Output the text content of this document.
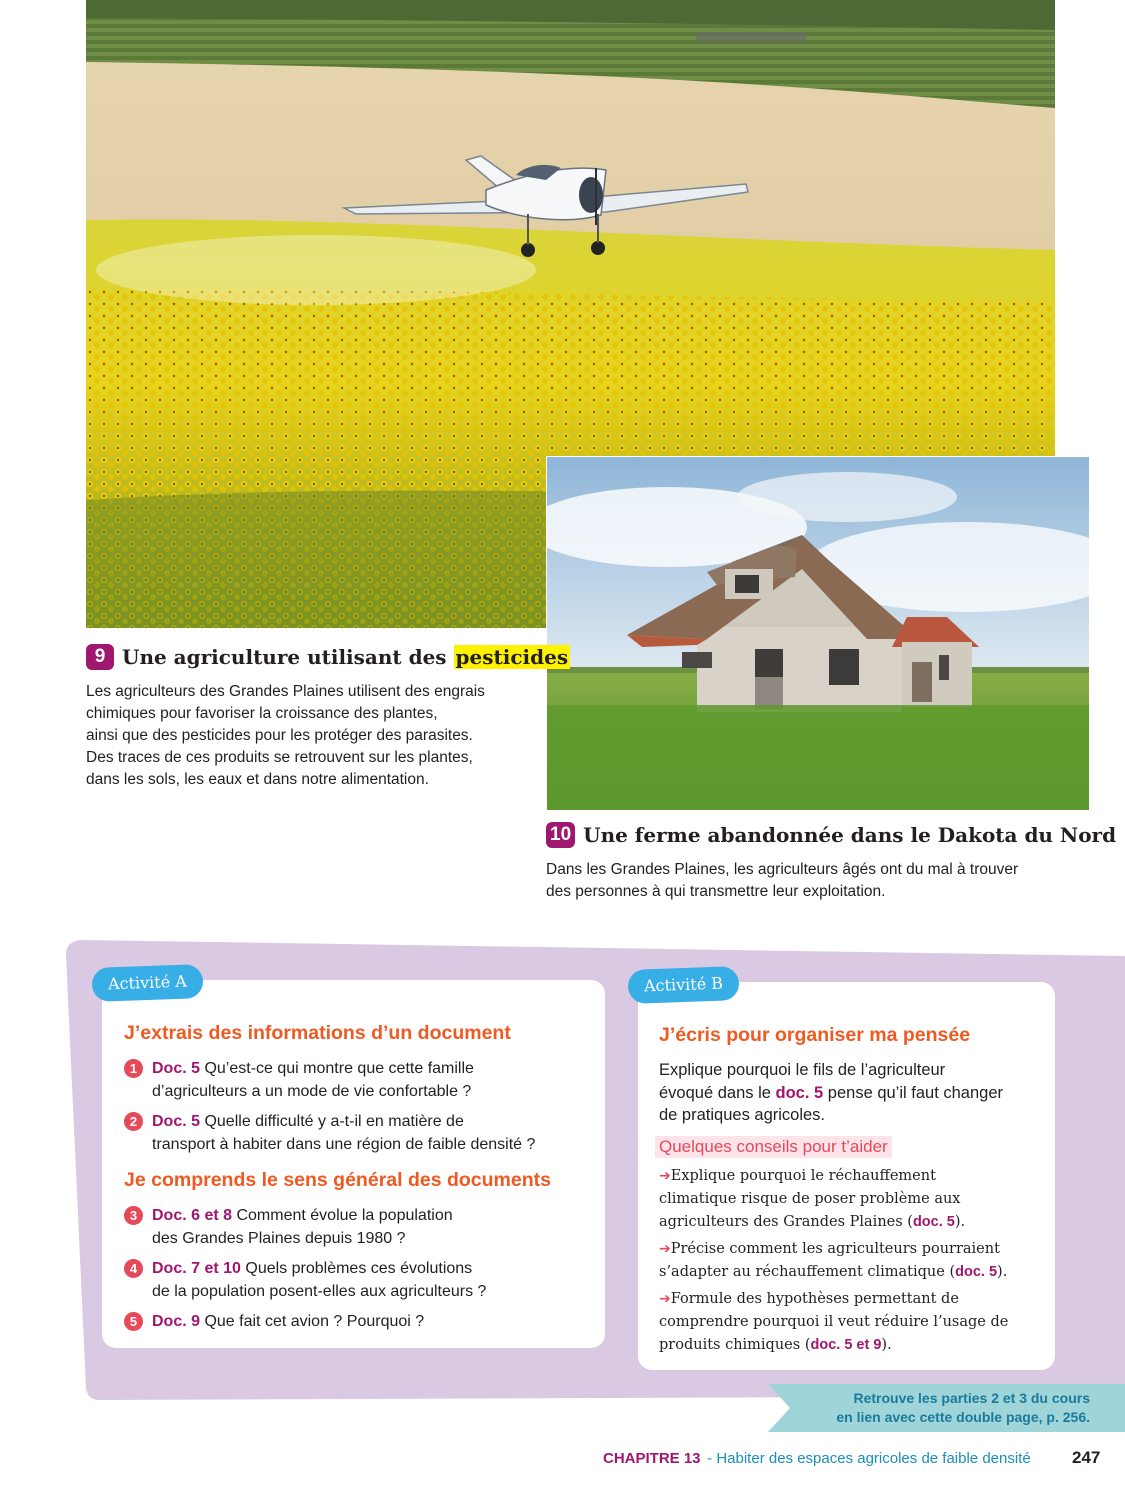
9 Une agriculture utilisant des pesticides
Les agriculteurs des Grandes Plaines utilisent des engrais
chimiques pour favoriser la croissance des plantes,
ainsi que des pesticides pour les protéger des parasites.
Des traces de ces produits se retrouvent sur les plantes,
dans les sols, les eaux et dans notre alimentation.
10 Une ferme abandonnée dans le Dakota du Nord
Dans les Grandes Plaines, les agriculteurs âgés ont du mal à trouver
des personnes à qui transmettre leur exploitation.
Activité A
J’extrais des informations d’un document
1 Doc. 5 Qu’est-ce qui montre que cette famille
d’agriculteurs a un mode de vie confortable ?
2 Doc. 5 Quelle difficulté y a-t-il en matière de
transport à habiter dans une région de faible densité ?
Je comprends le sens général des documents
3 Doc. 6 et 8 Comment évolue la population
des Grandes Plaines depuis 1980 ?
4 Doc. 7 et 10 Quels problèmes ces évolutions
de la population posent-elles aux agriculteurs ?
5 Doc. 9 Que fait cet avion ? Pourquoi ?
Activité B
J’écris pour organiser ma pensée
Explique pourquoi le fils de l’agriculteur
évoqué dans le doc. 5 pense qu’il faut changer
de pratiques agricoles.
Quelques conseils pour t’aider
➔Explique pourquoi le réchauffement
climatique risque de poser problème aux
agriculteurs des Grandes Plaines (doc. 5).
➔Précise comment les agriculteurs pourraient
s’adapter au réchauffement climatique (doc. 5).
➔Formule des hypothèses permettant de
comprendre pourquoi il veut réduire l’usage de
produits chimiques (doc. 5 et 9).
Retrouve les parties 2 et 3 du cours
en lien avec cette double page, p. 256.
CHAPITRE 13 - Habiter des espaces agricoles de faible densité 247
